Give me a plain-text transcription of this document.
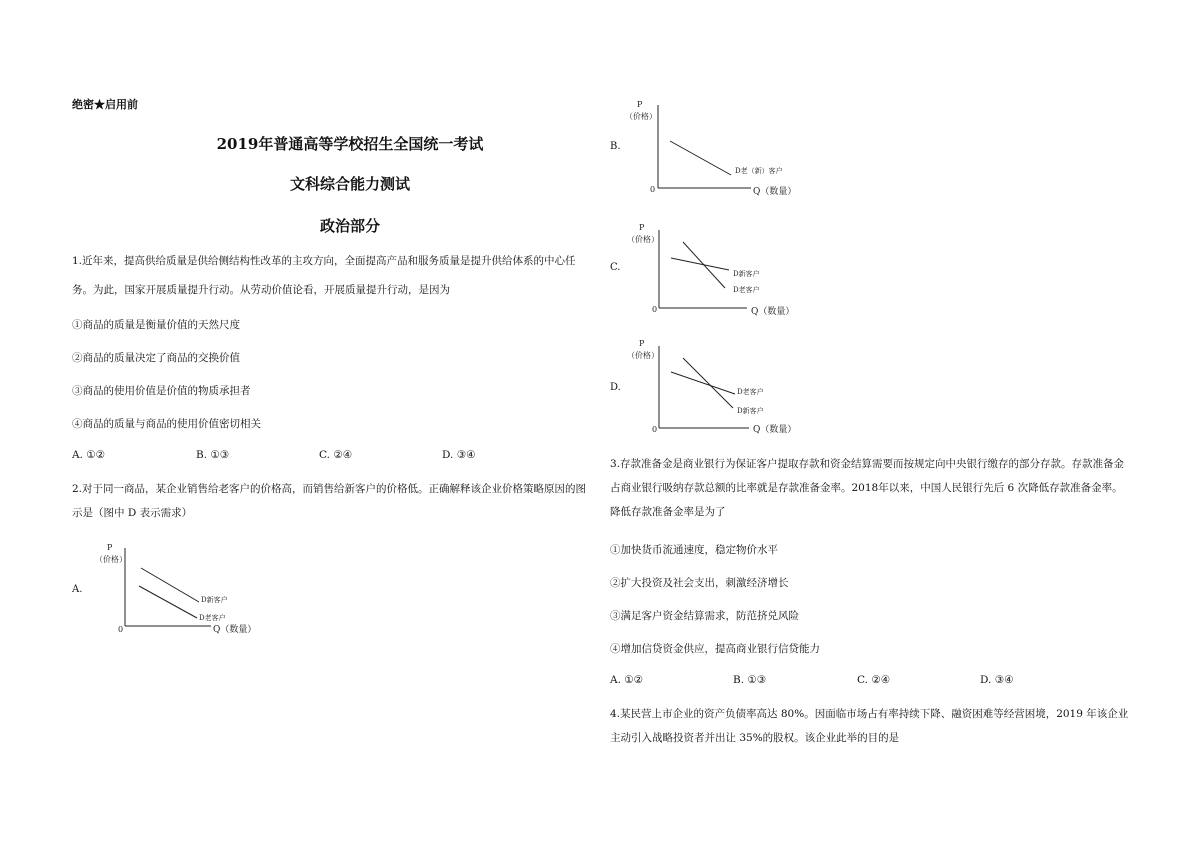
绝密★启用前
2019年普通高等学校招生全国统一考试
文科综合能力测试
政治部分
1.近年来，提高供给质量是供给侧结构性改革的主攻方向，全面提高产品和服务质量是提升供给体系的中心任务。为此，国家开展质量提升行动。从劳动价值论看，开展质量提升行动，是因为
①商品的质量是衡量价值的天然尺度
②商品的质量决定了商品的交换价值
③商品的使用价值是价值的物质承担者
④商品的质量与商品的使用价值密切相关
A. ①②	B. ①③	C. ②④	D. ③④
2.对于同一商品，某企业销售给老客户的价格高，而销售给新客户的价格低。正确解释该企业价格策略原因的图示是（图中 D 表示需求）
A.
P
（价格）
0	Q（数量）
D新客户
D老客户
B.
P
（价格）
0	Q（数量）
D老（新）客户
C.
P
（价格）
0	Q（数量）
D新客户
D老客户
D.
P
（价格）
0	Q（数量）
D老客户
D新客户
3.存款准备金是商业银行为保证客户提取存款和资金结算需要而按规定向中央银行缴存的部分存款。存款准备金占商业银行吸纳存款总额的比率就是存款准备金率。2018年以来，中国人民银行先后 6 次降低存款准备金率。降低存款准备金率是为了
①加快货币流通速度，稳定物价水平
②扩大投资及社会支出，刺激经济增长
③满足客户资金结算需求，防范挤兑风险
④增加信贷资金供应，提高商业银行信贷能力
A. ①②	B. ①③	C. ②④	D. ③④
4.某民营上市企业的资产负债率高达 80%。因面临市场占有率持续下降、融资困难等经营困境，2019 年该企业主动引入战略投资者并出让 35%的股权。该企业此举的目的是
